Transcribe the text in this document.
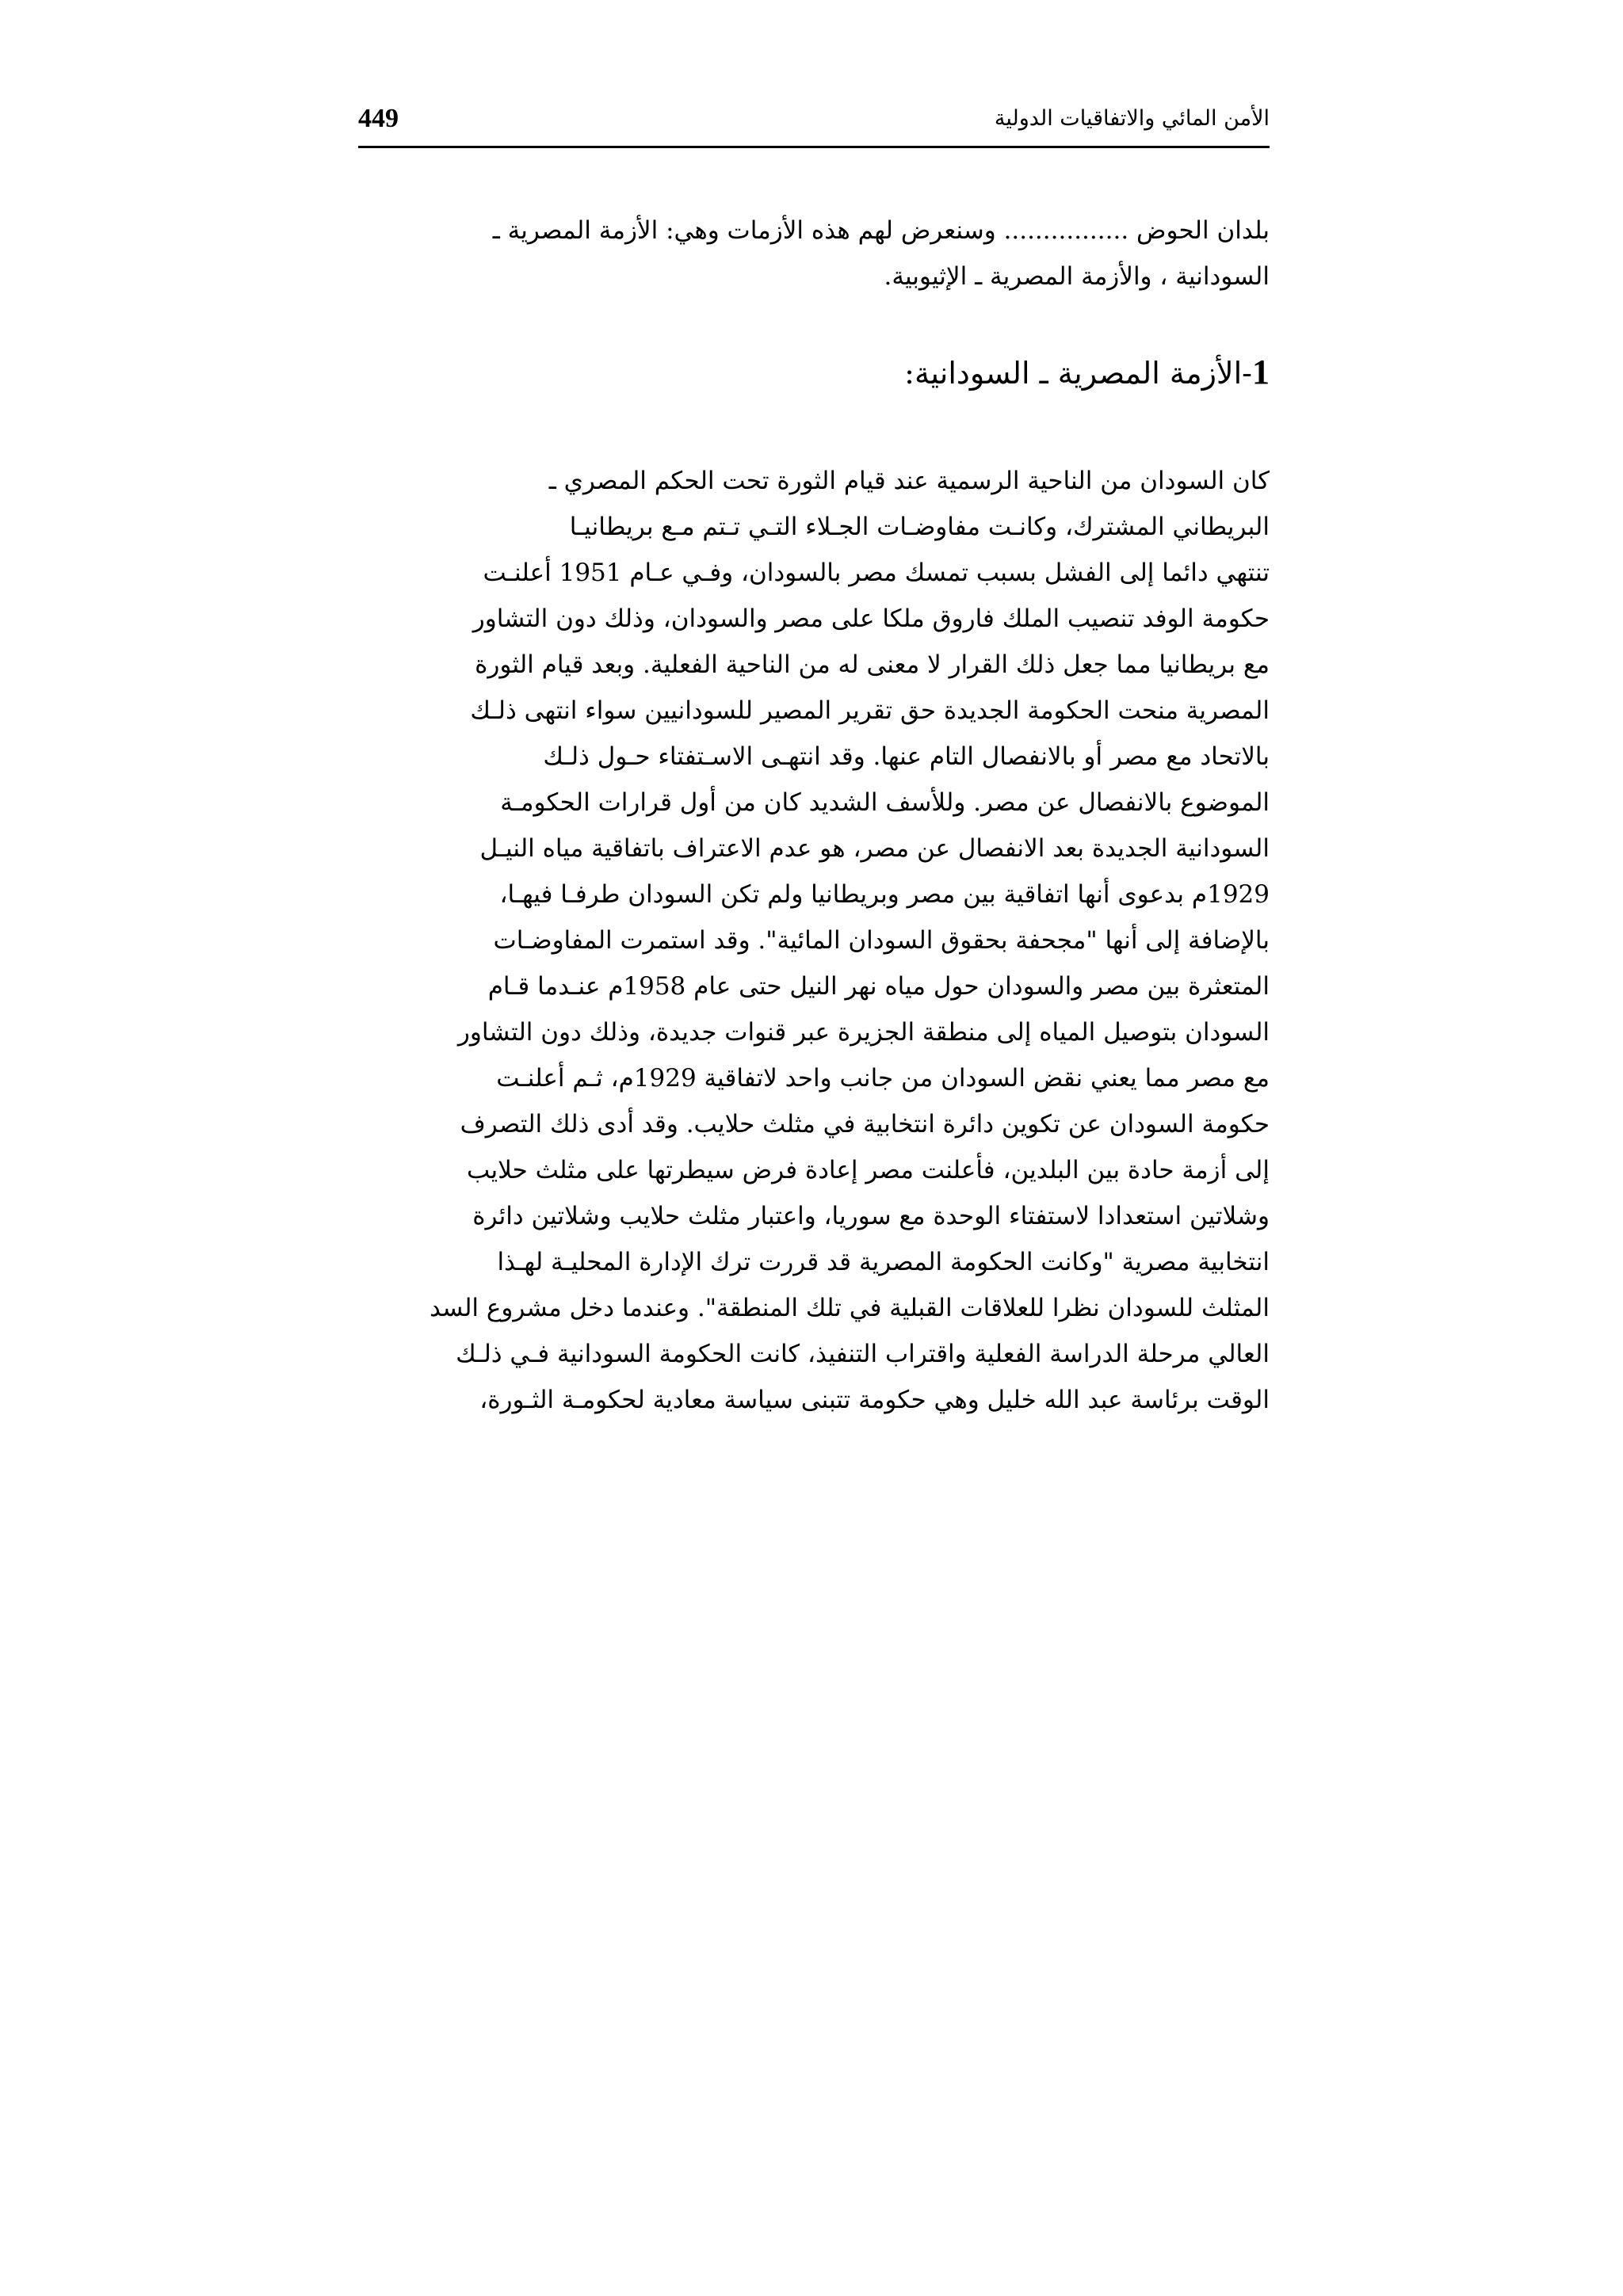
449	الأمن المائي والاتفاقيات الدولية
بلدان الحوض ................ وسنعرض لهم هذه الأزمات وهي: الأزمة المصرية ـ
السودانية ، والأزمة المصرية ـ الإثيوبية.
1-الأزمة المصرية ـ السودانية:
كان السودان من الناحية الرسمية عند قيام الثورة تحت الحكم المصري ـ
البريطاني المشترك، وكانـت مفاوضـات الجـلاء التـي تـتم مـع بريطانيـا
تنتهي دائما إلى الفشل بسبب تمسك مصر بالسودان، وفـي عـام 1951 أعلنـت
حكومة الوفد تنصيب الملك فاروق ملكا على مصر والسودان، وذلك دون التشاور
مع بريطانيا مما جعل ذلك القرار لا معنى له من الناحية الفعلية. وبعد قيام الثورة
المصرية منحت الحكومة الجديدة حق تقرير المصير للسودانيين سواء انتهى ذلـك
بالاتحاد مع مصر أو بالانفصال التام عنها. وقد انتهـى الاسـتفتاء حـول ذلـك
الموضوع بالانفصال عن مصر. وللأسف الشديد كان من أول قرارات الحكومـة
السودانية الجديدة بعد الانفصال عن مصر، هو عدم الاعتراف باتفاقية مياه النيـل
1929م بدعوى أنها اتفاقية بين مصر وبريطانيا ولم تكن السودان طرفـا فيهـا،
بالإضافة إلى أنها "مجحفة بحقوق السودان المائية". وقد استمرت المفاوضـات
المتعثرة بين مصر والسودان حول مياه نهر النيل حتى عام 1958م عنـدما قـام
السودان بتوصيل المياه إلى منطقة الجزيرة عبر قنوات جديدة، وذلك دون التشاور
مع مصر مما يعني نقض السودان من جانب واحد لاتفاقية 1929م، ثـم أعلنـت
حكومة السودان عن تكوين دائرة انتخابية في مثلث حلايب. وقد أدى ذلك التصرف
إلى أزمة حادة بين البلدين، فأعلنت مصر إعادة فرض سيطرتها على مثلث حلايب
وشلاتين استعدادا لاستفتاء الوحدة مع سوريا، واعتبار مثلث حلايب وشلاتين دائرة
انتخابية مصرية "وكانت الحكومة المصرية قد قررت ترك الإدارة المحليـة لهـذا
المثلث للسودان نظرا للعلاقات القبلية في تلك المنطقة". وعندما دخل مشروع السد
العالي مرحلة الدراسة الفعلية واقتراب التنفيذ، كانت الحكومة السودانية فـي ذلـك
الوقت برئاسة عبد الله خليل وهي حكومة تتبنى سياسة معادية لحكومـة الثـورة،
